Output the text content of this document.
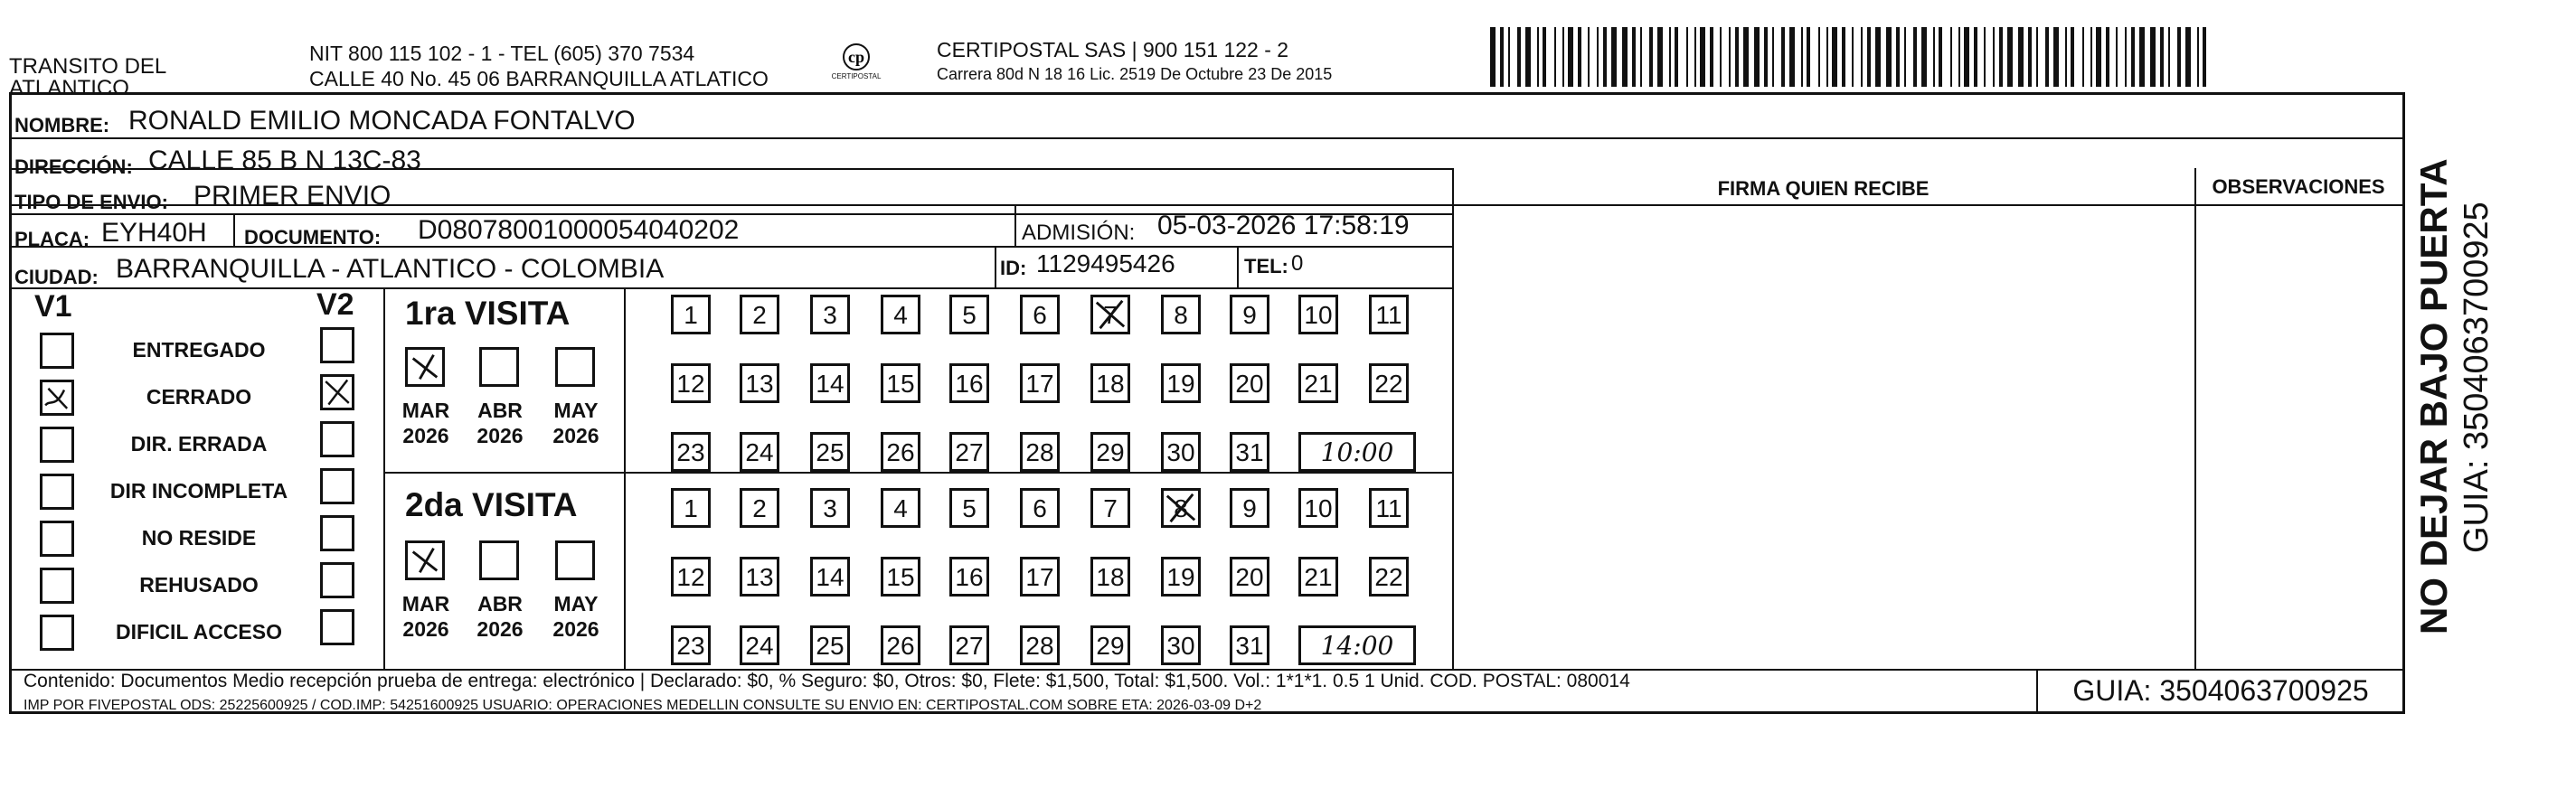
TRANSITO DEL
ATLANTICO
NIT 800 115 102 - 1 - TEL (605) 370 7534
CALLE 40 No. 45 06 BARRANQUILLA ATLATICO
cp
CERTIPOSTAL
CERTIPOSTAL SAS | 900 151 122 - 2
Carrera 80d N 18 16 Lic. 2519 De Octubre 23 De 2015
NOMBRE: RONALD EMILIO MONCADA FONTALVO
DIRECCIÓN: CALLE 85 B N 13C-83
TIPO DE ENVIO: PRIMER ENVIO
PLACA: EYH40H DOCUMENTO: D08078001000054040202	ADMISIÓN: 05-03-2026 17:58:19
CIUDAD: BARRANQUILLA - ATLANTICO - COLOMBIA	ID: 1129495426	TEL: 0
FIRMA QUIEN RECIBE	OBSERVACIONES
V1	V2
ENTREGADO
CERRADO
DIR. ERRADA
DIR INCOMPLETA
NO RESIDE
REHUSADO
DIFICIL ACCESO
1ra VISITA
2da VISITA
1	2	3	4	5	6	7	8	9	10 11
12 13 14 15 16 17 18 19 20 21 22
23 24 25 26 27 28 29 30 31	10:00
MAR
2026
ABR
2026
MAY
2026
1	2	3	4	5	6	7	8	9	10 11
12 13 14 15 16 17 18 19 20 21 22
23 24 25 26 27 28 29 30 31	14:00
MAR
2026
ABR
2026
MAY
2026
Contenido: Documentos Medio recepción prueba de entrega: electrónico | Declarado: $0, % Seguro: $0, Otros: $0, Flete: $1,500, Total: $1,500. Vol.: 1*1*1. 0.5 1 Unid. COD. POSTAL: 080014
IMP POR FIVEPOSTAL ODS: 25225600925 / COD.IMP: 54251600925 USUARIO: OPERACIONES MEDELLIN CONSULTE SU ENVIO EN: CERTIPOSTAL.COM SOBRE ETA: 2026-03-09 D+2	GUIA: 3504063700925
NO DEJAR BAJO PUERTA GUIA: 3504063700925
